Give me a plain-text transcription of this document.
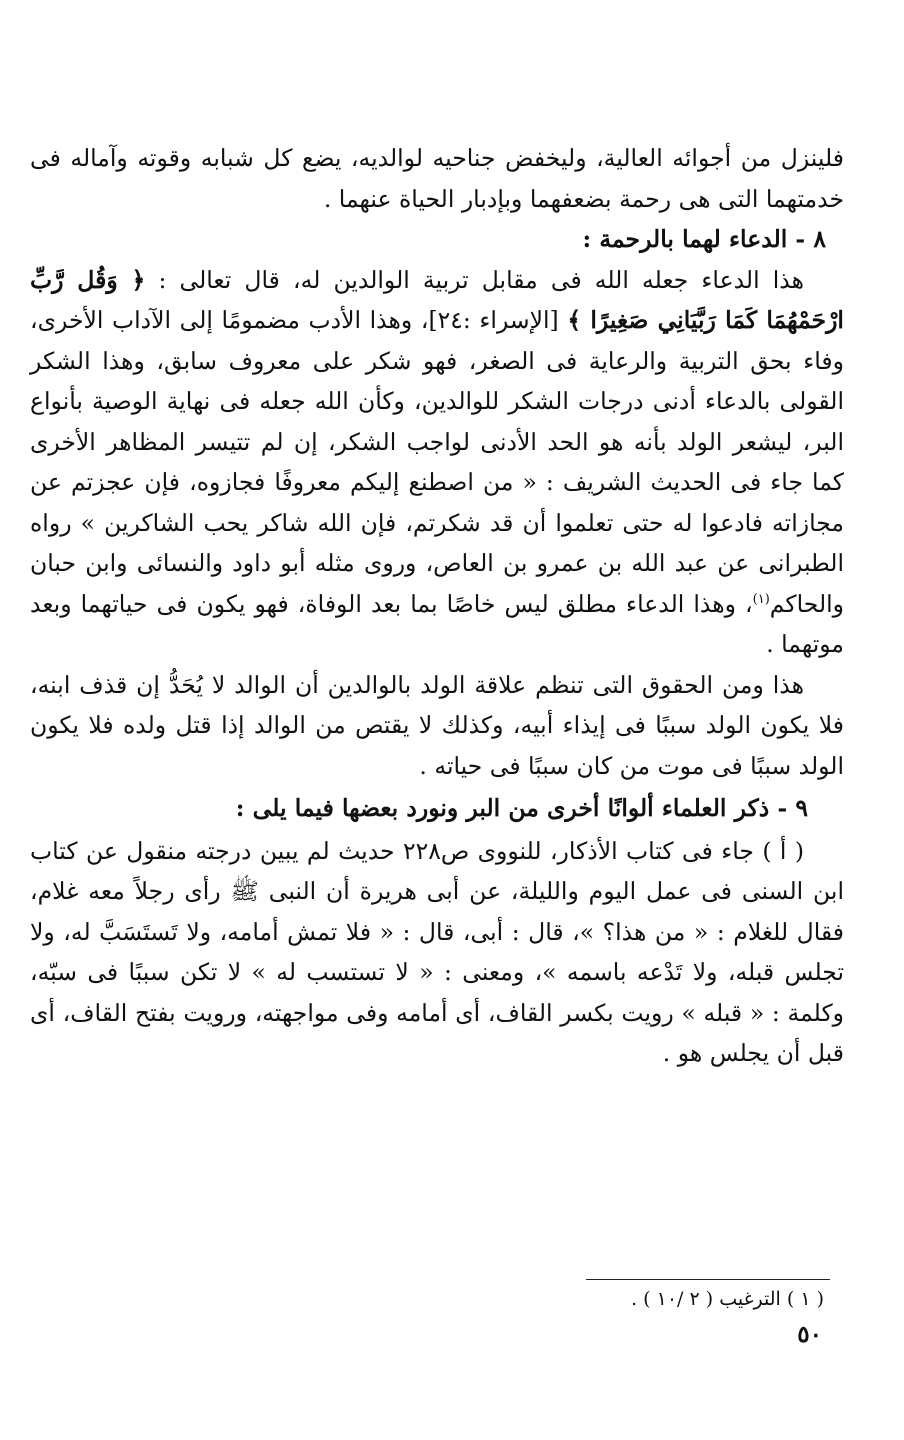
فلينزل من أجوائه العالية، وليخفض جناحيه لوالديه، يضع كل شبابه وقوته وآماله فى خدمتهما التى هى رحمة بضعفهما وبإدبار الحياة عنهما .

٨ - الدعاء لهما بالرحمة :

هذا الدعاء جعله الله فى مقابل تربية الوالدين له، قال تعالى : ﴿ وَقُل رَّبِّ ارْحَمْهُمَا كَمَا رَبَّيَانِي صَغِيرًا ﴾ [الإسراء :٢٤]، وهذا الأدب مضمومًا إلى الآداب الأخرى، وفاء بحق التربية والرعاية فى الصغر، فهو شكر على معروف سابق، وهذا الشكر القولى بالدعاء أدنى درجات الشكر للوالدين، وكأن الله جعله فى نهاية الوصية بأنواع البر، ليشعر الولد بأنه هو الحد الأدنى لواجب الشكر، إن لم تتيسر المظاهر الأخرى كما جاء فى الحديث الشريف : « من اصطنع إليكم معروفًا فجازوه، فإن عجزتم عن مجازاته فادعوا له حتى تعلموا أن قد شكرتم، فإن الله شاكر يحب الشاكرين » رواه الطبرانى عن عبد الله بن عمرو بن العاص، وروى مثله أبو داود والنسائى وابن حبان والحاكم$^{(١)}$، وهذا الدعاء مطلق ليس خاصًا بما بعد الوفاة، فهو يكون فى حياتهما وبعد موتهما .

هذا ومن الحقوق التى تنظم علاقة الولد بالوالدين أن الوالد لا يُحَدُّ إن قذف ابنه، فلا يكون الولد سببًا فى إيذاء أبيه، وكذلك لا يقتص من الوالد إذا قتل ولده فلا يكون الولد سببًا فى موت من كان سببًا فى حياته .

٩ - ذكر العلماء ألوانًا أخرى من البر ونورد بعضها فيما يلى :

( أ ) جاء فى كتاب الأذكار، للنووى ص٢٢٨ حديث لم يبين درجته منقول عن كتاب ابن السنى فى عمل اليوم والليلة، عن أبى هريرة أن النبى ﷺ رأى رجلاً معه غلام، فقال للغلام : « من هذا؟ »، قال : أبى، قال : « فلا تمش أمامه، ولا تَستَسَبَّ له، ولا تجلس قبله، ولا تَدْعه باسمه »، ومعنى : « لا تستسب له » لا تكن سببًا فى سبّه، وكلمة : « قبله » رويت بكسر القاف، أى أمامه وفى مواجهته، ورويت بفتح القاف، أى قبل أن يجلس هو .

( ١ ) الترغيب ( ٢ /١٠ ) .
٥٠
